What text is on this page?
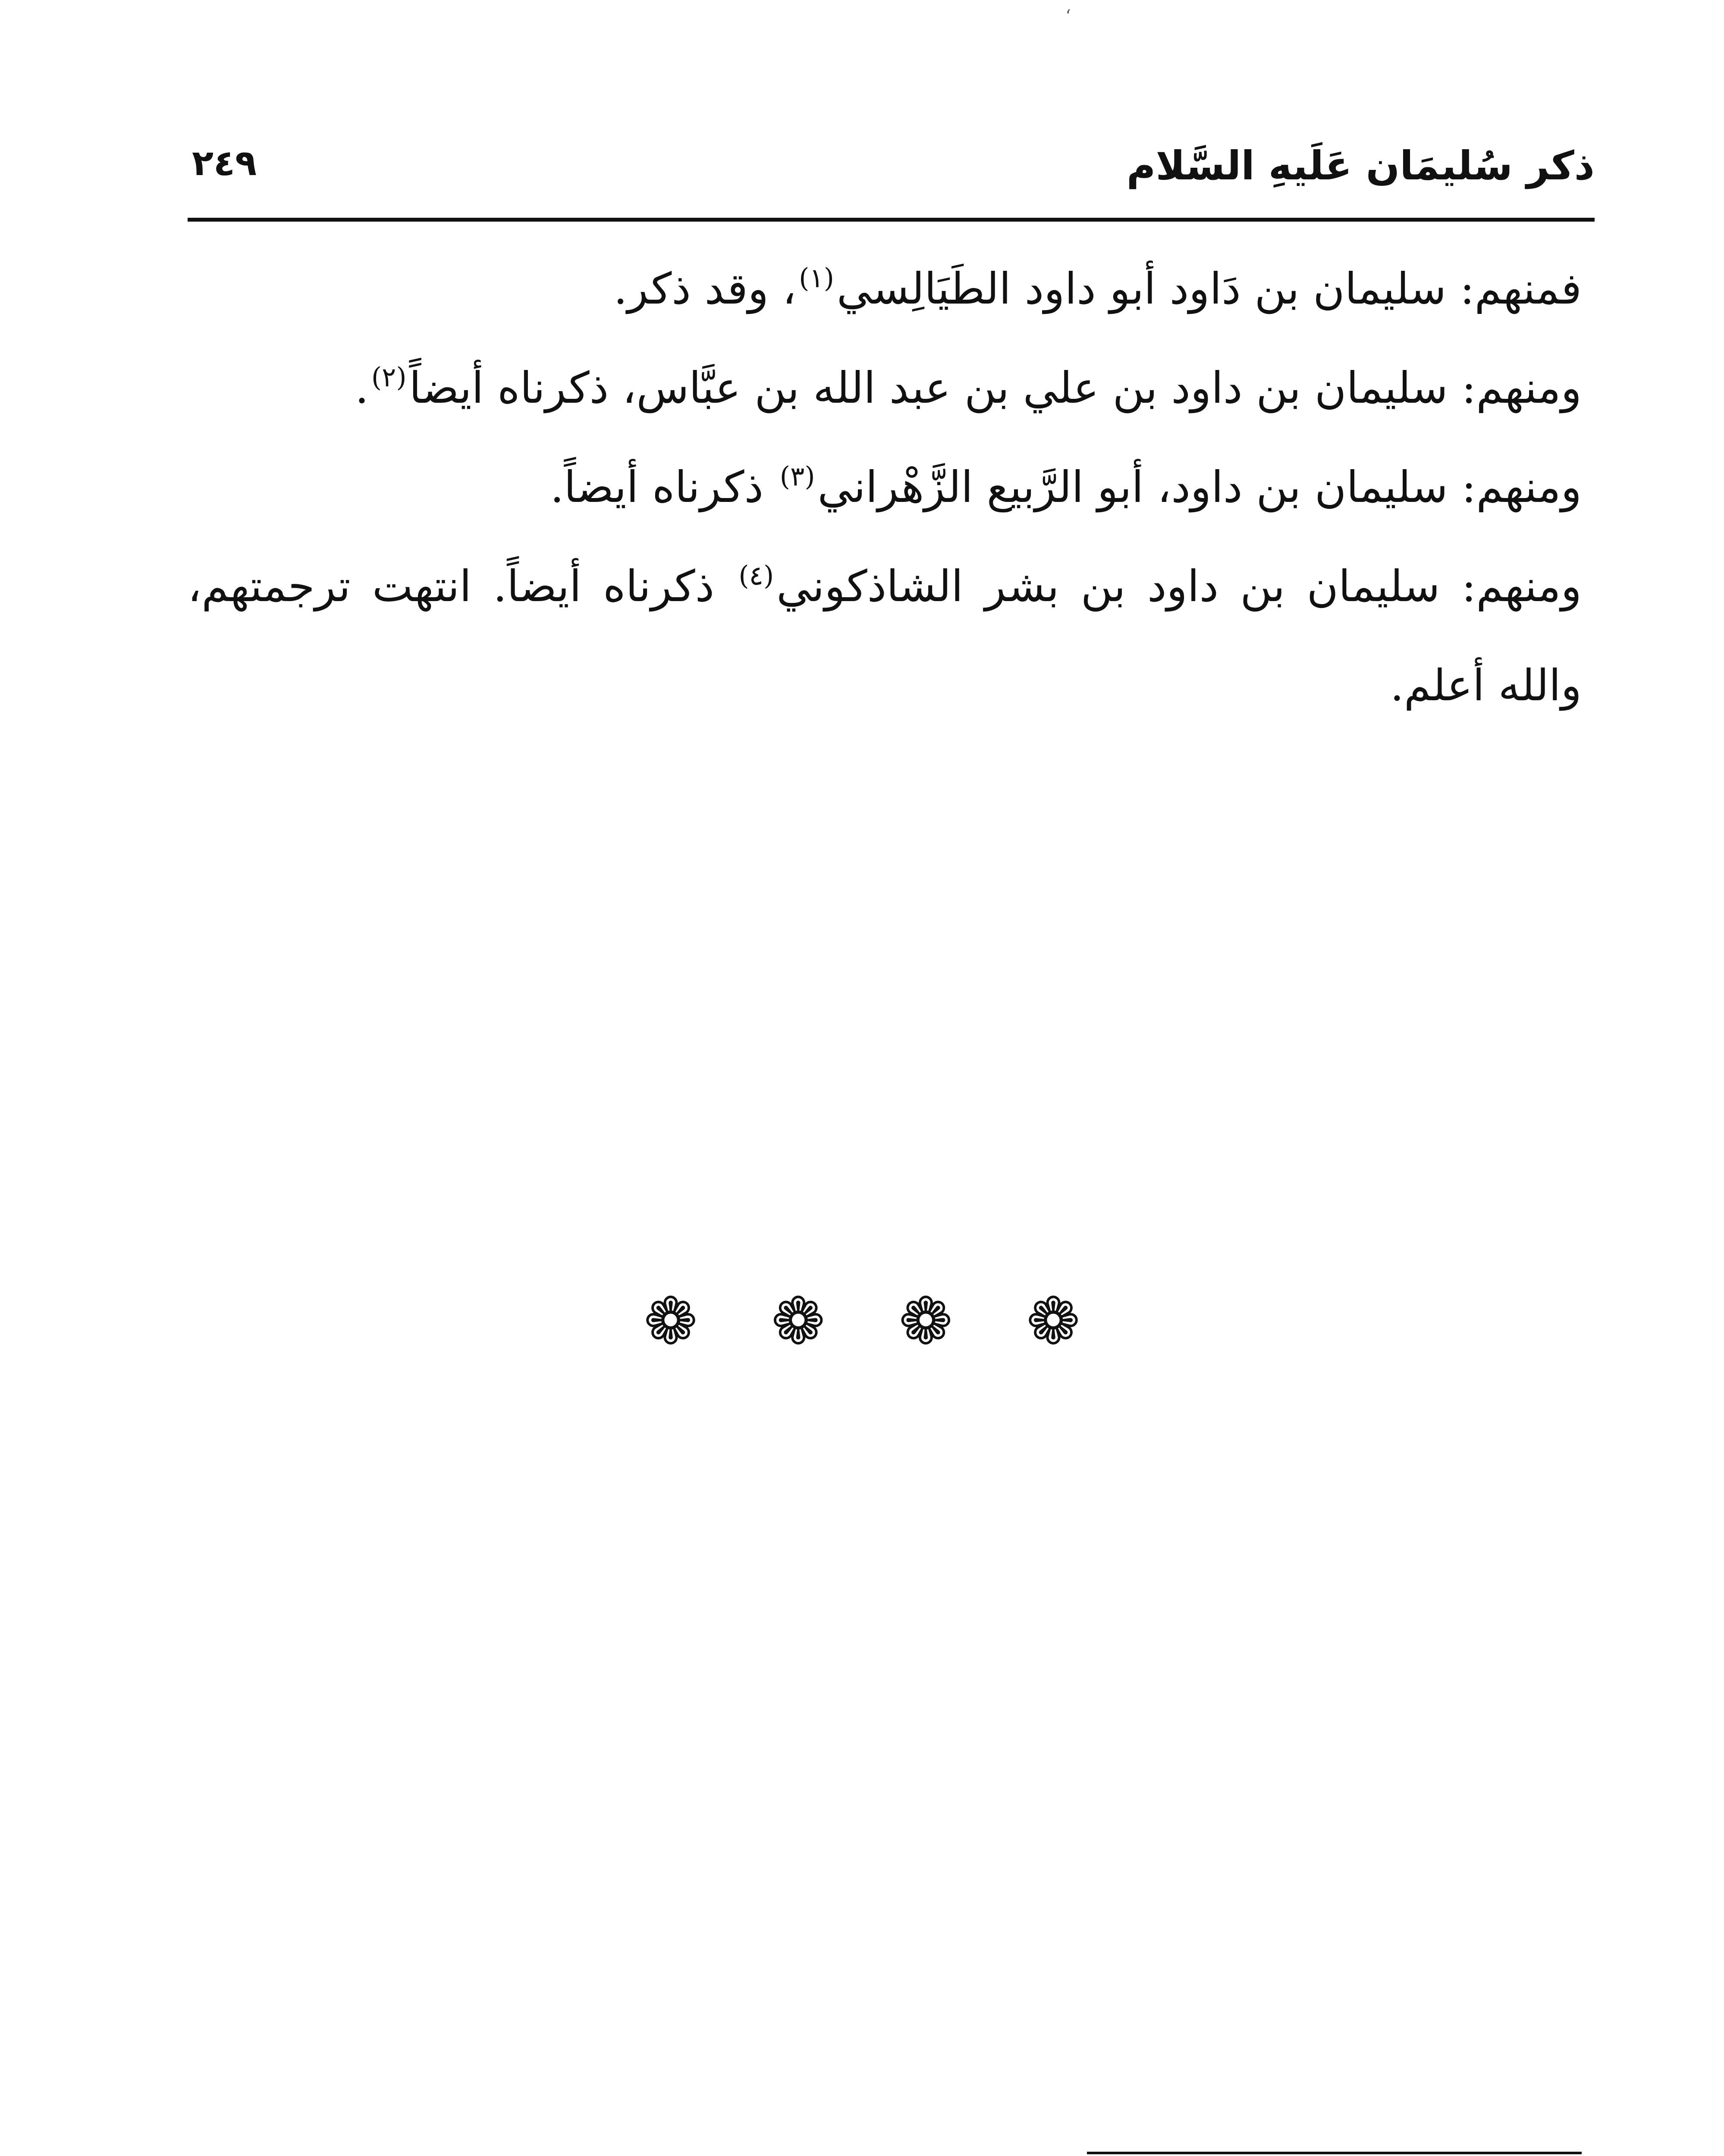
‘
ذكر سُليمَان عَلَيهِ السَّلام
٢٤٩

فمنهم: سليمان بن دَاود أبو داود الطَيَالِسي$^{(١)}$، وقد ذكر.

ومنهم: سليمان بن داود بن علي بن عبد الله بن عبَّاس، ذكرناه أيضاً$^{(٢)}$.

ومنهم: سليمان بن داود، أبو الرَّبيع الزَّهْراني$^{(٣)}$ ذكرناه أيضاً.

ومنهم: سليمان بن داود بن بشر الشاذكوني$^{(٤)}$ ذكرناه أيضاً. انتهت ترجمتهم، والله أعلم.

❁ ❁ ❁ ❁
